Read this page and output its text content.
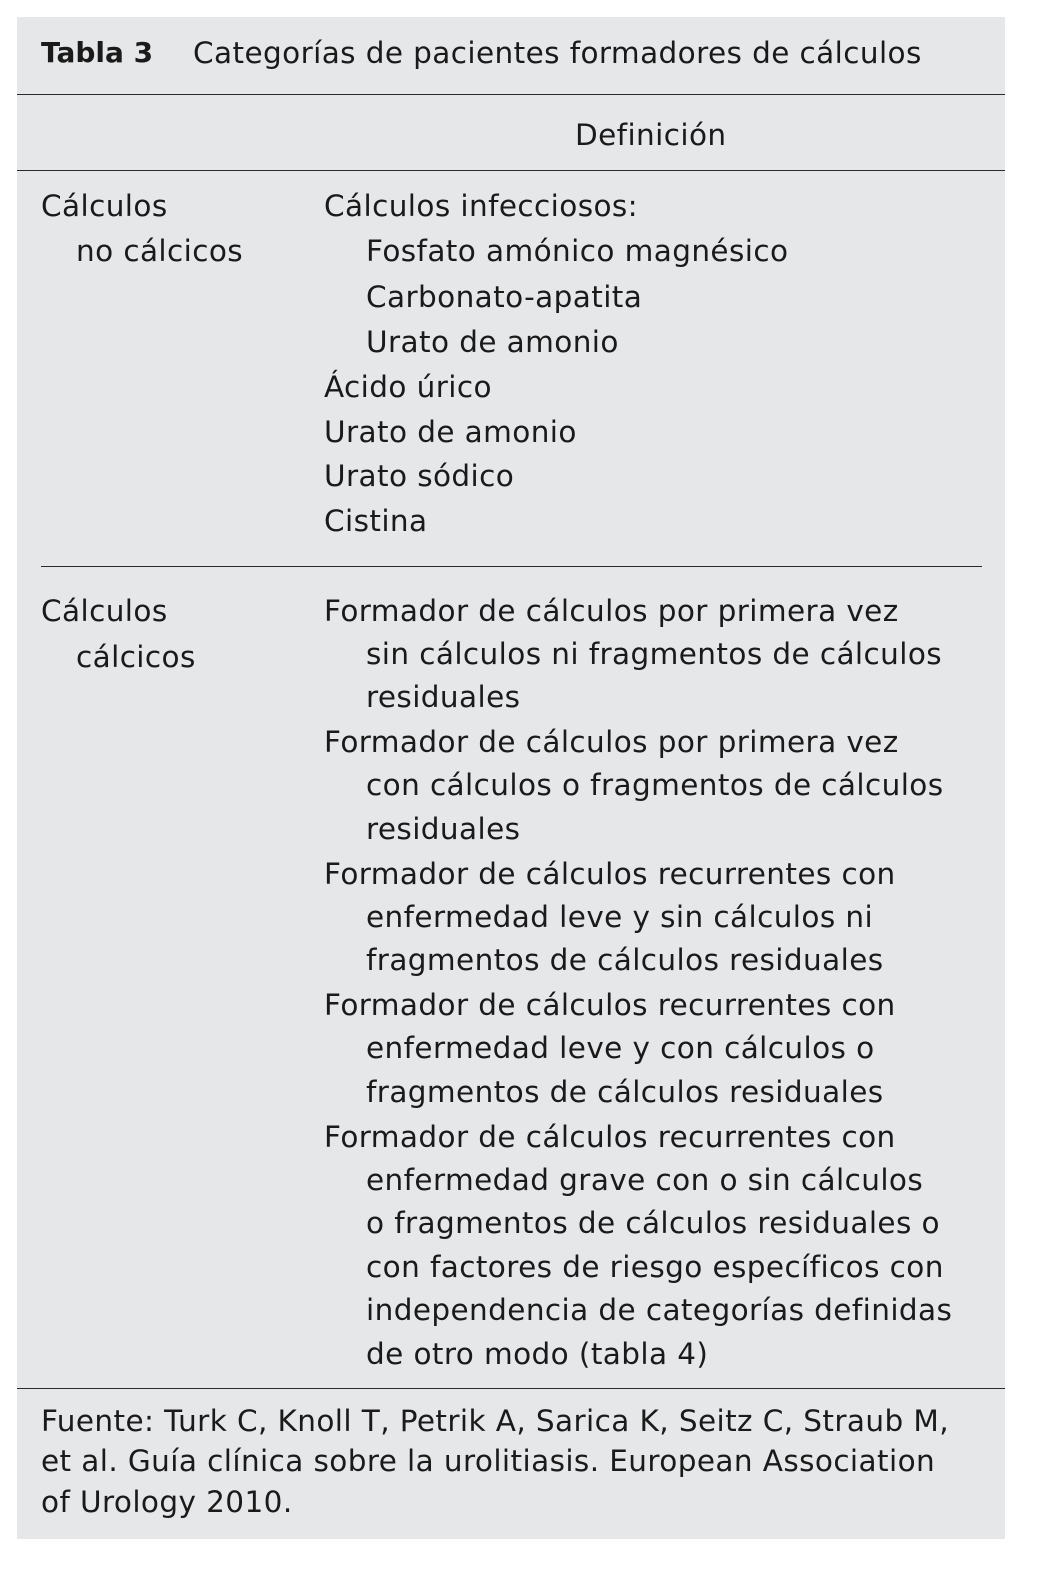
Tabla 3 Categorías de pacientes formadores de cálculos
Definición
Cálculos
no cálcicos
Cálculos infecciosos:
Fosfato amónico magnésico
Carbonato-apatita
Urato de amonio
Ácido úrico
Urato de amonio
Urato sódico
Cistina
Cálculos
cálcicos
Formador de cálculos por primera vez
sin cálculos ni fragmentos de cálculos
residuales
Formador de cálculos por primera vez
con cálculos o fragmentos de cálculos
residuales
Formador de cálculos recurrentes con
enfermedad leve y sin cálculos ni
fragmentos de cálculos residuales
Formador de cálculos recurrentes con
enfermedad leve y con cálculos o
fragmentos de cálculos residuales
Formador de cálculos recurrentes con
enfermedad grave con o sin cálculos
o fragmentos de cálculos residuales o
con factores de riesgo específicos con
independencia de categorías definidas
de otro modo (tabla 4)
Fuente: Turk C, Knoll T, Petrik A, Sarica K, Seitz C, Straub M,
et al. Guía clínica sobre la urolitiasis. European Association
of Urology 2010.
